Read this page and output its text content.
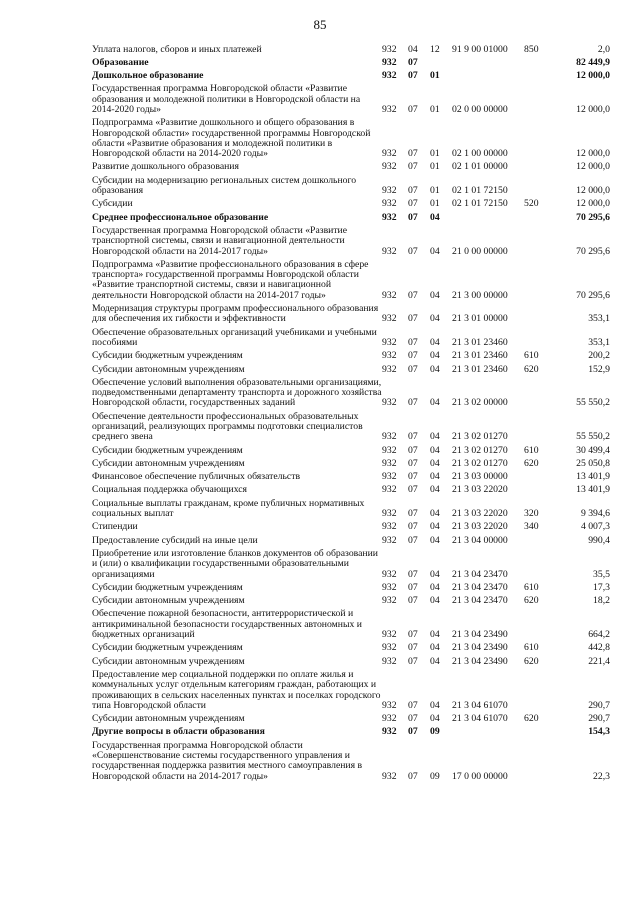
85
Уплата налогов, сборов и иных платежей	932	04	12	91 9 00 01000	850	2,0
Образование	932	07				82 449,9
Дошкольное образование	932	07	01			12 000,0
Государственная программа Новгородской области «Развитие образования и молодежной политики в Новгородской области на 2014-2020 годы»	932	07	01	02 0 00 00000		12 000,0
Подпрограмма «Развитие дошкольного и общего образования в Новгородской области» государственной программы Новгородской области «Развитие образования и молодежной политики в Новгородской области на 2014-2020 годы»	932	07	01	02 1 00 00000		12 000,0
Развитие дошкольного образования	932	07	01	02 1 01 00000		12 000,0
Субсидии на модернизацию региональных систем дошкольного образования	932	07	01	02 1 01 72150		12 000,0
Субсидии	932	07	01	02 1 01 72150	520	12 000,0
Среднее профессиональное образование	932	07	04			70 295,6
Государственная программа Новгородской области «Развитие транспортной системы, связи и навигационной деятельности Новгородской области на 2014-2017 годы»	932	07	04	21 0 00 00000		70 295,6
Подпрограмма «Развитие профессионального образования в сфере транспорта» государственной программы Новгородской области «Развитие транспортной системы, связи и навигационной деятельности Новгородской области на 2014-2017 годы»	932	07	04	21 3 00 00000		70 295,6
Модернизация структуры программ профессионального образования для обеспечения их гибкости и эффективности	932	07	04	21 3 01 00000		353,1
Обеспечение образовательных организаций учебниками и учебными пособиями	932	07	04	21 3 01 23460		353,1
Субсидии бюджетным учреждениям	932	07	04	21 3 01 23460	610	200,2
Субсидии автономным учреждениям	932	07	04	21 3 01 23460	620	152,9
Обеспечение условий выполнения образовательными организациями, подведомственными департаменту транспорта и дорожного хозяйства Новгородской области, государственных заданий	932	07	04	21 3 02 00000		55 550,2
Обеспечение деятельности профессиональных образовательных организаций, реализующих программы подготовки специалистов среднего звена	932	07	04	21 3 02 01270		55 550,2
Субсидии бюджетным учреждениям	932	07	04	21 3 02 01270	610	30 499,4
Субсидии автономным учреждениям	932	07	04	21 3 02 01270	620	25 050,8
Финансовое обеспечение публичных обязательств	932	07	04	21 3 03 00000		13 401,9
Социальная поддержка обучающихся	932	07	04	21 3 03 22020		13 401,9
Социальные выплаты гражданам, кроме публичных нормативных социальных выплат	932	07	04	21 3 03 22020	320	9 394,6
Стипендии	932	07	04	21 3 03 22020	340	4 007,3
Предоставление субсидий на иные цели	932	07	04	21 3 04 00000		990,4
Приобретение или изготовление бланков документов об образовании и (или) о квалификации государственными образовательными организациями	932	07	04	21 3 04 23470		35,5
Субсидии бюджетным учреждениям	932	07	04	21 3 04 23470	610	17,3
Субсидии автономным учреждениям	932	07	04	21 3 04 23470	620	18,2
Обеспечение пожарной безопасности, антитеррористической и антикриминальной безопасности государственных автономных и бюджетных организаций	932	07	04	21 3 04 23490		664,2
Субсидии бюджетным учреждениям	932	07	04	21 3 04 23490	610	442,8
Субсидии автономным учреждениям	932	07	04	21 3 04 23490	620	221,4
Предоставление мер социальной поддержки по оплате жилья и коммунальных услуг отдельным категориям граждан, работающих и проживающих в сельских населенных пунктах и поселках городского типа Новгородской области	932	07	04	21 3 04 61070		290,7
Субсидии автономным учреждениям	932	07	04	21 3 04 61070	620	290,7
Другие вопросы в области образования	932	07	09			154,3
Государственная программа Новгородской области «Совершенствование системы государственного управления и государственная поддержка развития местного самоуправления в Новгородской области на 2014-2017 годы»	932	07	09	17 0 00 00000		22,3
